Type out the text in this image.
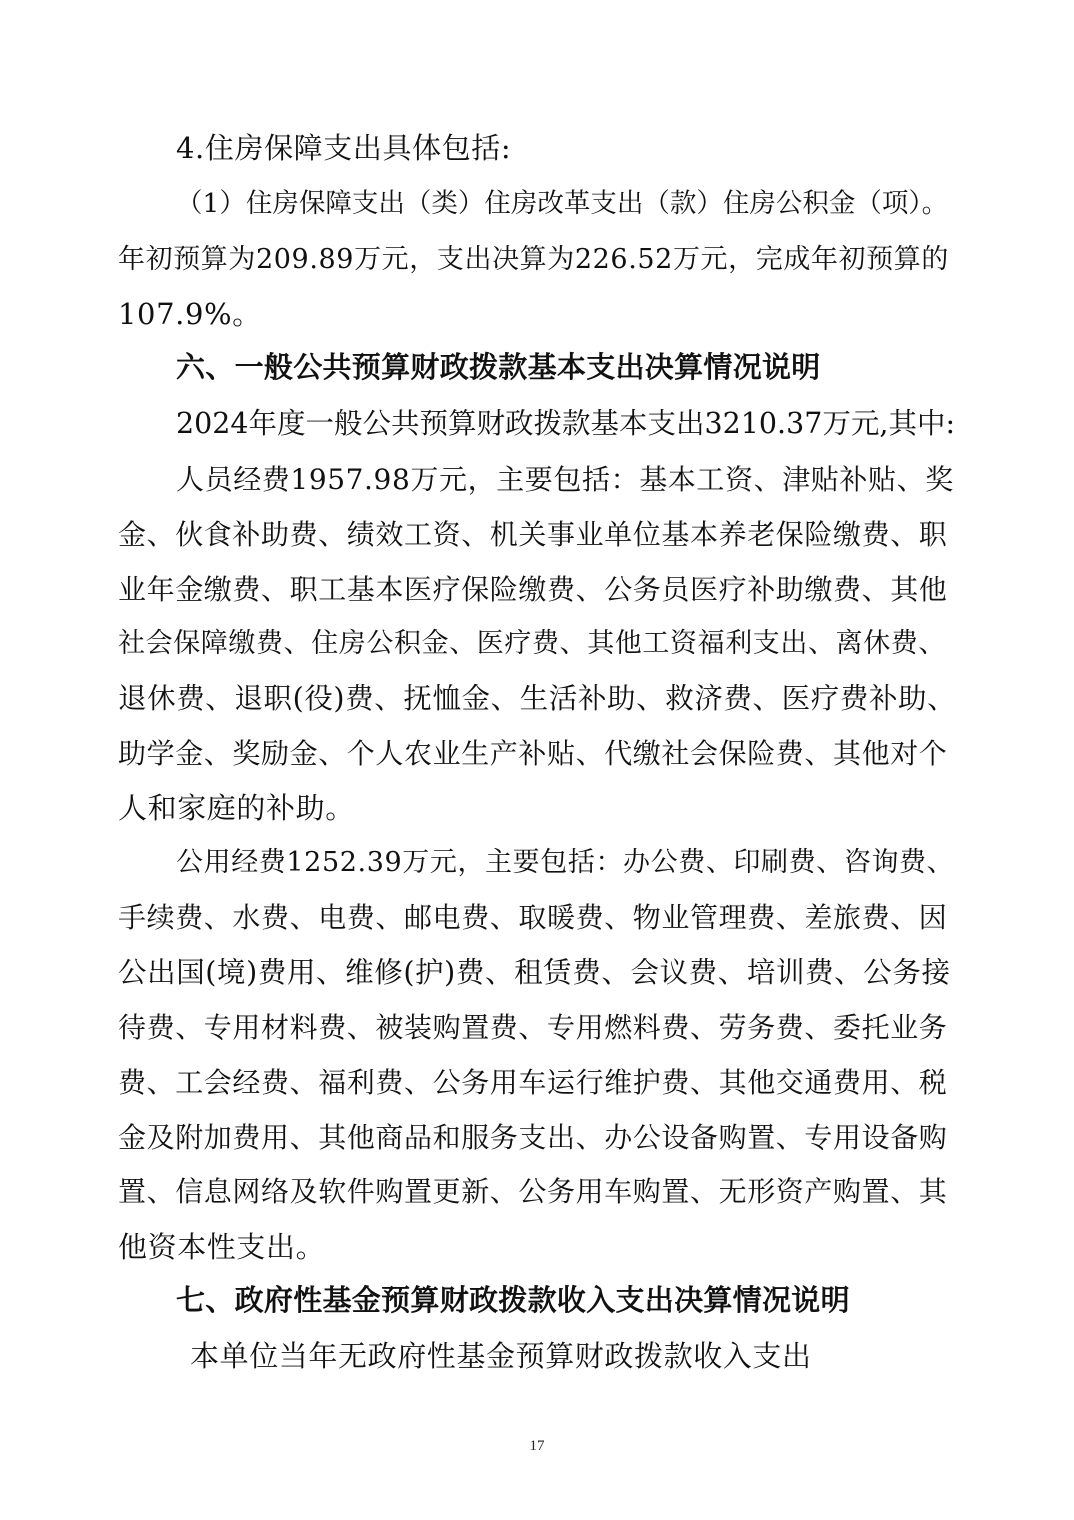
4.住房保障支出具体包括:
（1）住房保障支出（类）住房改革支出（款）住房公积金（项）。
年初预算为209.89万元，支出决算为226.52万元，完成年初预算的
107.9%。
六、一般公共预算财政拨款基本支出决算情况说明
2024年度一般公共预算财政拨款基本支出3210.37万元,其中:
人员经费1957.98万元，主要包括：基本工资、津贴补贴、奖
金、伙食补助费、绩效工资、机关事业单位基本养老保险缴费、职
业年金缴费、职工基本医疗保险缴费、公务员医疗补助缴费、其他
社会保障缴费、住房公积金、医疗费、其他工资福利支出、离休费、
退休费、退职(役)费、抚恤金、生活补助、救济费、医疗费补助、
助学金、奖励金、个人农业生产补贴、代缴社会保险费、其他对个
人和家庭的补助。
公用经费1252.39万元，主要包括：办公费、印刷费、咨询费、
手续费、水费、电费、邮电费、取暖费、物业管理费、差旅费、因
公出国(境)费用、维修(护)费、租赁费、会议费、培训费、公务接
待费、专用材料费、被装购置费、专用燃料费、劳务费、委托业务
费、工会经费、福利费、公务用车运行维护费、其他交通费用、税
金及附加费用、其他商品和服务支出、办公设备购置、专用设备购
置、信息网络及软件购置更新、公务用车购置、无形资产购置、其
他资本性支出。
七、政府性基金预算财政拨款收入支出决算情况说明
本单位当年无政府性基金预算财政拨款收入支出
17
